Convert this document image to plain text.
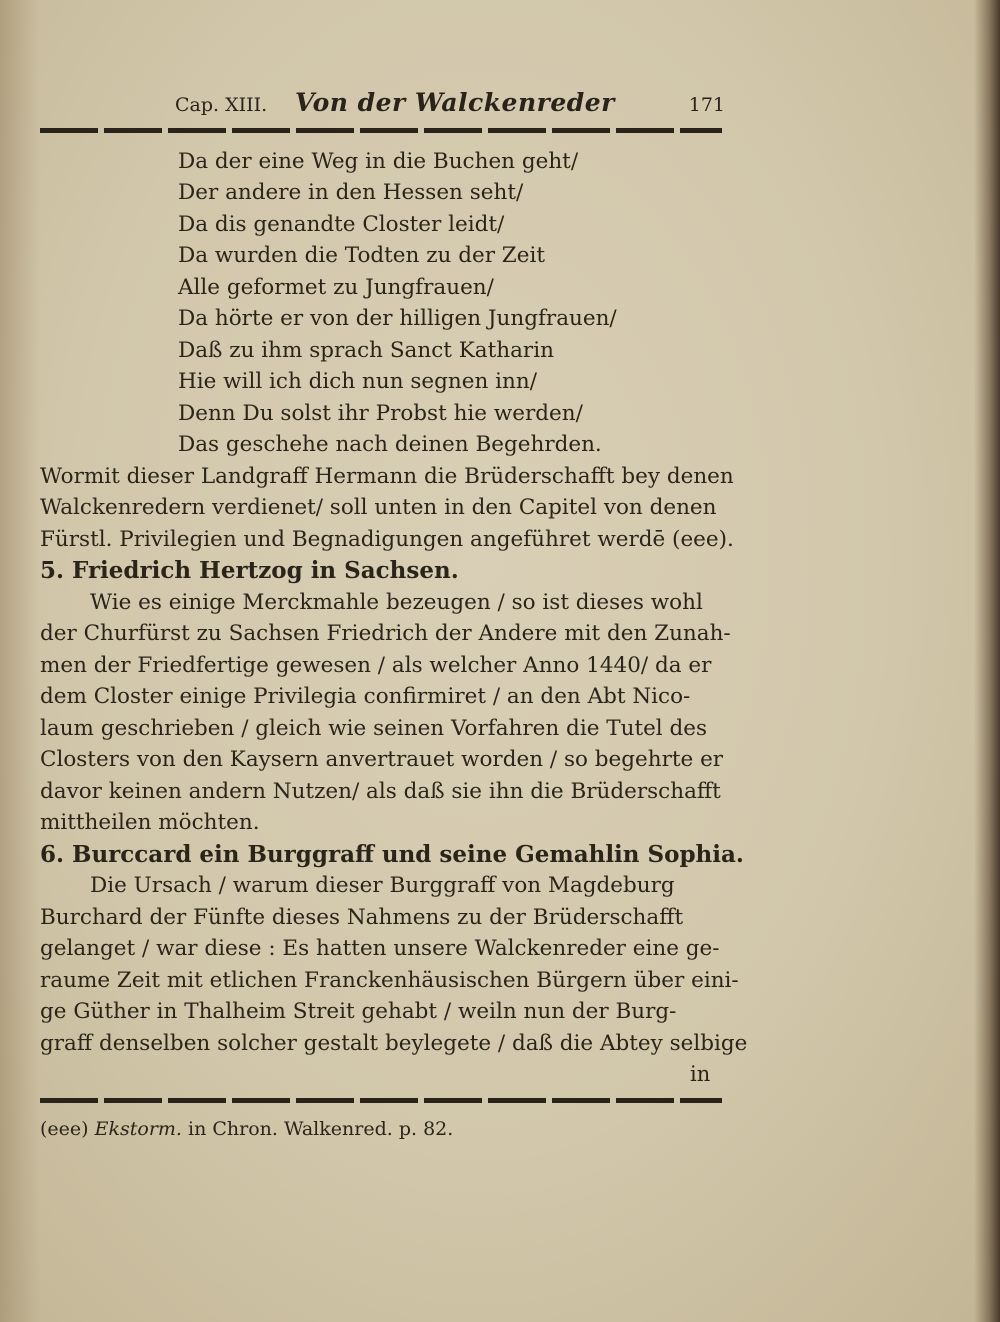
Cap. XIII. Von der Walckenreder	171
Da der eine Weg in die Buchen geht/
Der andere in den Hessen seht/
Da dis genandte Closter leidt/
Da wurden die Todten zu der Zeit
Alle geformet zu Jungfrauen/
Da hörte er von der hilligen Jungfrauen/
Daß zu ihm sprach Sanct Katharin
Hie will ich dich nun segnen inn/
Denn Du solst ihr Probst hie werden/
Das geschehe nach deinen Begehrden.
Wormit dieser Landgraff Hermann die Brüderschafft bey denen
Walckenredern verdienet/ soll unten in den Capitel von denen
Fürstl. Privilegien und Begnadigungen angeführet werdē (eee).
5. Friedrich Hertzog in Sachsen.
Wie es einige Merckmahle bezeugen / so ist dieses wohl
der Churfürst zu Sachsen Friedrich der Andere mit den Zunah-
men der Friedfertige gewesen / als welcher Anno 1440/ da er
dem Closter einige Privilegia confirmiret / an den Abt Nico-
laum geschrieben / gleich wie seinen Vorfahren die Tutel des
Closters von den Kaysern anvertrauet worden / so begehrte er
davor keinen andern Nutzen/ als daß sie ihn die Brüderschafft
mittheilen möchten.
6. Burccard ein Burggraff und seine Gemahlin Sophia.
Die Ursach / warum dieser Burggraff von Magdeburg
Burchard der Fünfte dieses Nahmens zu der Brüderschafft
gelanget / war diese : Es hatten unsere Walckenreder eine ge-
raume Zeit mit etlichen Franckenhäusischen Bürgern über eini-
ge Güther in Thalheim Streit gehabt / weiln nun der Burg-
graff denselben solcher gestalt beylegete / daß die Abtey selbige
in
(eee) Ekstorm. in Chron. Walkenred. p. 82.
